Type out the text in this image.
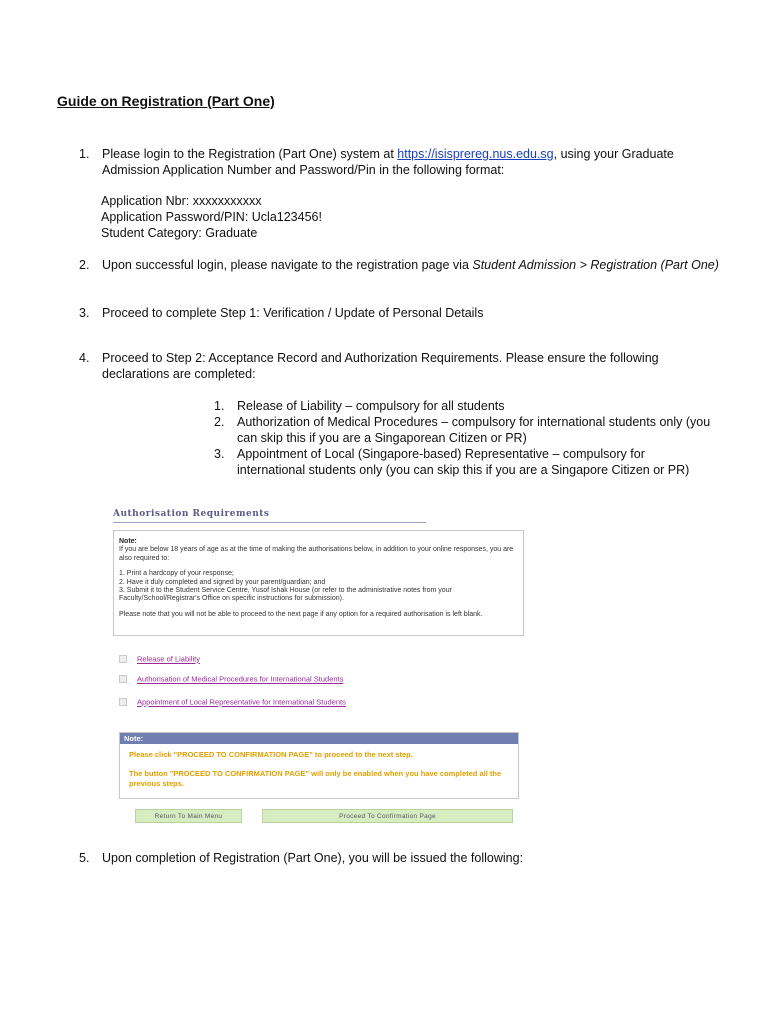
Guide on Registration (Part One)
1. Please login to the Registration (Part One) system at https://isisprereg.nus.edu.sg, using your Graduate Admission Application Number and Password/Pin in the following format:
Application Nbr: xxxxxxxxxxx
Application Password/PIN: Ucla123456!
Student Category: Graduate
2. Upon successful login, please navigate to the registration page via Student Admission > Registration (Part One)
3. Proceed to complete Step 1: Verification / Update of Personal Details
4. Proceed to Step 2: Acceptance Record and Authorization Requirements. Please ensure the following declarations are completed:
1. Release of Liability – compulsory for all students
2. Authorization of Medical Procedures – compulsory for international students only (you can skip this if you are a Singaporean Citizen or PR)
3. Appointment of Local (Singapore-based) Representative – compulsory for international students only (you can skip this if you are a Singapore Citizen or PR)
Authorisation Requirements
Note:

If you are below 18 years of age as at the time of making the authorisations below, in addition to your online responses, you are also required to:

1. Print a hardcopy of your response;

2. Have it duly completed and signed by your parent/guardian; and

3. Submit it to the Student Service Centre, Yusof Ishak House (or refer to the administrative notes from your Faculty/School/Registrar's Office on specific instructions for submission).

Please note that you will not be able to proceed to the next page if any option for a required authorisation is left blank.

Release of Liability
Authorisation of Medical Procedures for International Students
Appointment of Local Representative for International Students
Note:
Please click "PROCEED TO CONFIRMATION PAGE" to proceed to the next step.
The button "PROCEED TO CONFIRMATION PAGE" will only be enabled when you have completed all the previous steps.
Return To Main Menu	Proceed To Confirmation Page
5. Upon completion of Registration (Part One), you will be issued the following:
